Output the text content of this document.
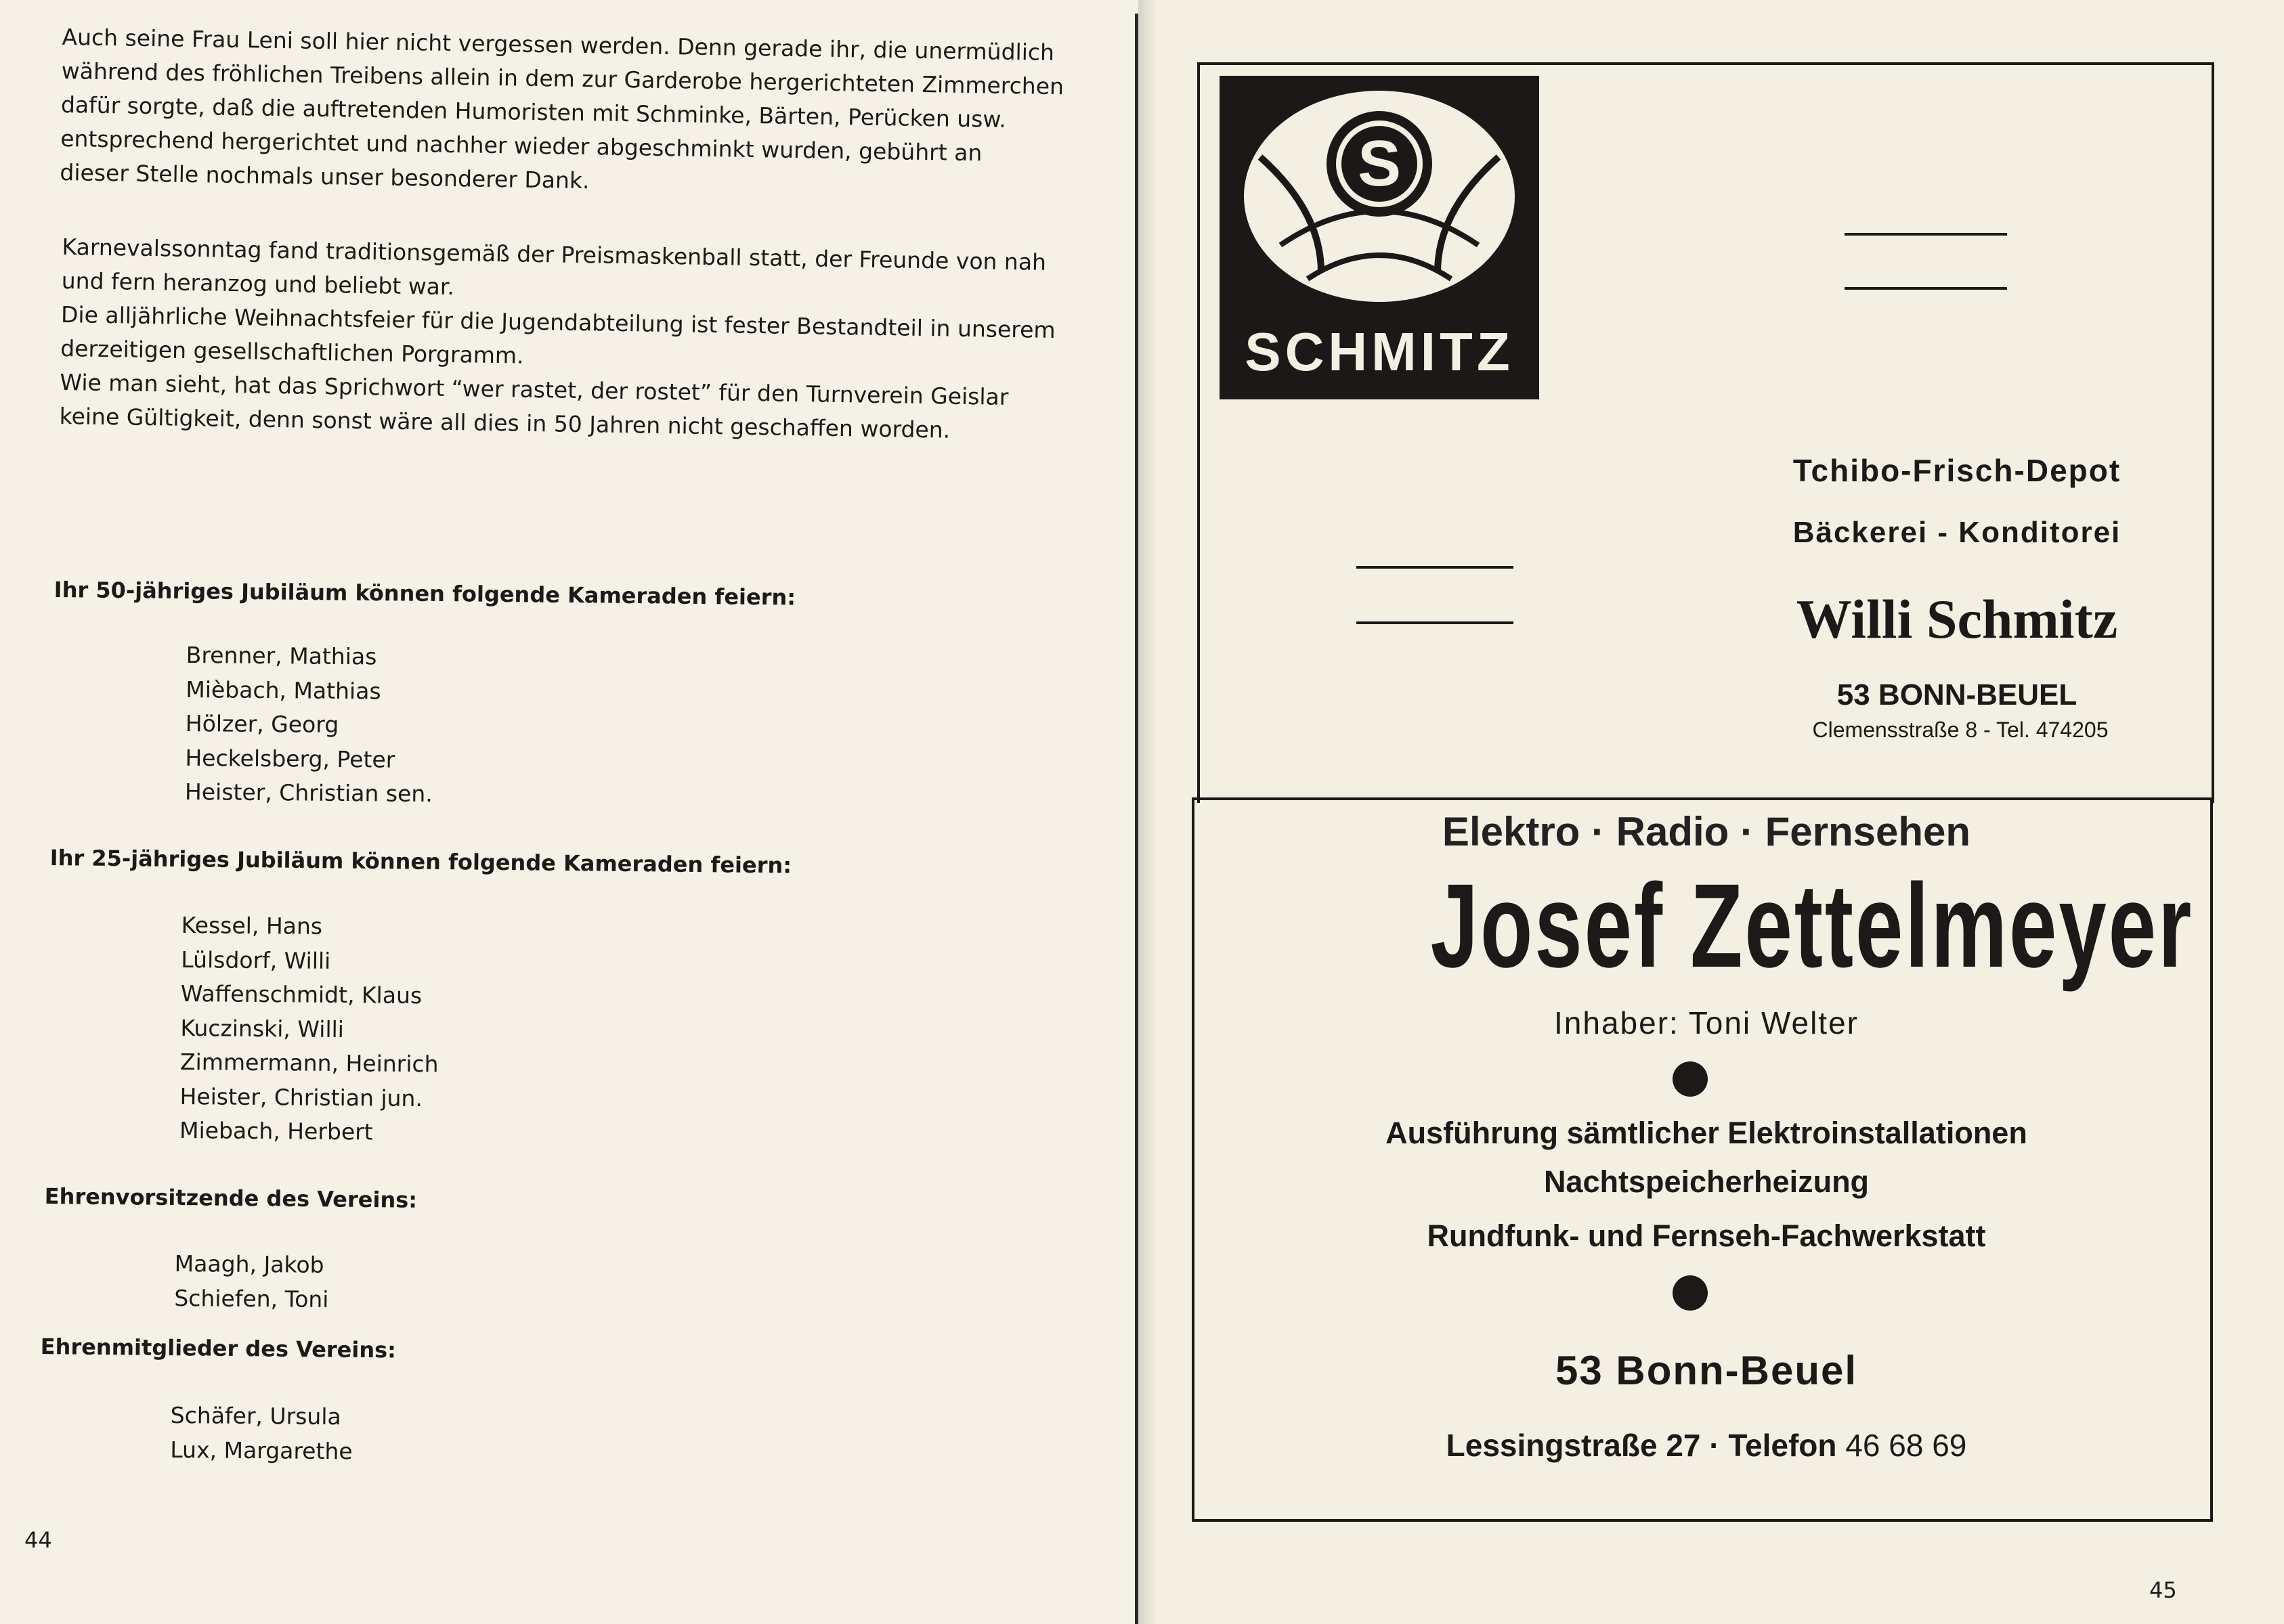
Auch seine Frau Leni soll hier nicht vergessen werden. Denn gerade ihr, die unermüdlich

während des fröhlichen Treibens allein in dem zur Garderobe hergerichteten Zimmerchen

dafür sorgte, daß die auftretenden Humoristen mit Schminke, Bärten, Perücken usw.

entsprechend hergerichtet und nachher wieder abgeschminkt wurden, gebührt an

dieser Stelle nochmals unser besonderer Dank.

Karnevalssonntag fand traditionsgemäß der Preismaskenball statt, der Freunde von nah

und fern heranzog und beliebt war.

Die alljährliche Weihnachtsfeier für die Jugendabteilung ist fester Bestandteil in unserem

derzeitigen gesellschaftlichen Porgramm.

Wie man sieht, hat das Sprichwort “wer rastet, der rostet” für den Turnverein Geislar

keine Gültigkeit, denn sonst wäre all dies in 50 Jahren nicht geschaffen worden.

Ihr 50-jähriges Jubiläum können folgende Kameraden feiern:
Brenner, Mathias
Mièbach, Mathias
Hölzer, Georg
Heckelsberg, Peter
Heister, Christian sen.
Ihr 25-jähriges Jubiläum können folgende Kameraden feiern:
Kessel, Hans
Lülsdorf, Willi
Waffenschmidt, Klaus
Kuczinski, Willi
Zimmermann, Heinrich
Heister, Christian jun.
Miebach, Herbert
Ehrenvorsitzende des Vereins:
Maagh, Jakob
Schiefen, Toni
Ehrenmitglieder des Vereins:
Schäfer, Ursula
Lux, Margarethe
44
S
SCHMITZ
Tchibo-Frisch-Depot
Bäckerei - Konditorei
Willi Schmitz
53 BONN-BEUEL
Clemensstraße 8 - Tel. 474205
Elektro · Radio · Fernsehen
Josef Zettelmeyer
Inhaber: Toni Welter
Ausführung sämtlicher Elektroinstallationen
Nachtspeicherheizung
Rundfunk- und Fernseh-Fachwerkstatt
53 Bonn-Beuel
Lessingstraße 27 · Telefon 46 68 69
45
